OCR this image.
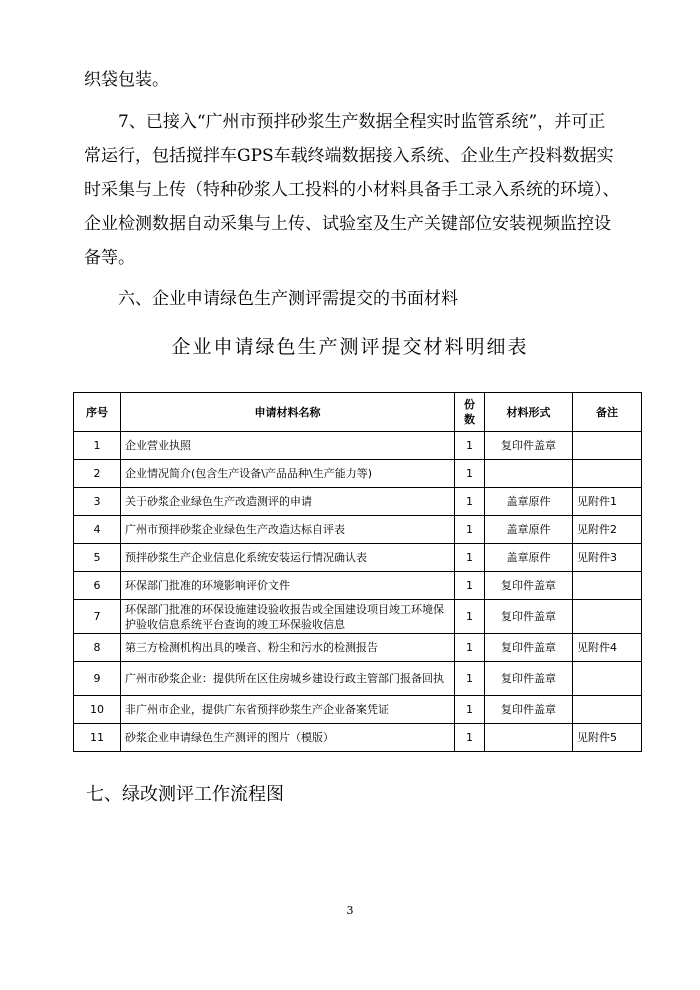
织袋包装。
7、已接入“广州市预拌砂浆生产数据全程实时监管系统”，并可正
常运行，包括搅拌车GPS车载终端数据接入系统、企业生产投料数据实
时采集与上传（特种砂浆人工投料的小材料具备手工录入系统的环境）、
企业检测数据自动采集与上传、试验室及生产关键部位安装视频监控设
备等。
六、企业申请绿色生产测评需提交的书面材料
企业申请绿色生产测评提交材料明细表
序号	申请材料名称	份数	材料形式	备注
1	企业营业执照	1	复印件盖章	
2	企业情况简介(包含生产设备\产品品种\生产能力等)	1		
3	关于砂浆企业绿色生产改造测评的申请	1	盖章原件	见附件1
4	广州市预拌砂浆企业绿色生产改造达标自评表	1	盖章原件	见附件2
5	预拌砂浆生产企业信息化系统安装运行情况确认表	1	盖章原件	见附件3
6	环保部门批准的环境影响评价文件	1	复印件盖章	
7	环保部门批准的环保设施建设验收报告或全国建设项目竣工环境保护验收信息系统平台查询的竣工环保验收信息	1	复印件盖章	
8	第三方检测机构出具的噪音、粉尘和污水的检测报告	1	复印件盖章	见附件4
9	广州市砂浆企业：提供所在区住房城乡建设行政主管部门报备回执	1	复印件盖章	
10	非广州市企业，提供广东省预拌砂浆生产企业备案凭证	1	复印件盖章	
11	砂浆企业申请绿色生产测评的图片（模版）	1		见附件5
七、绿改测评工作流程图
3
